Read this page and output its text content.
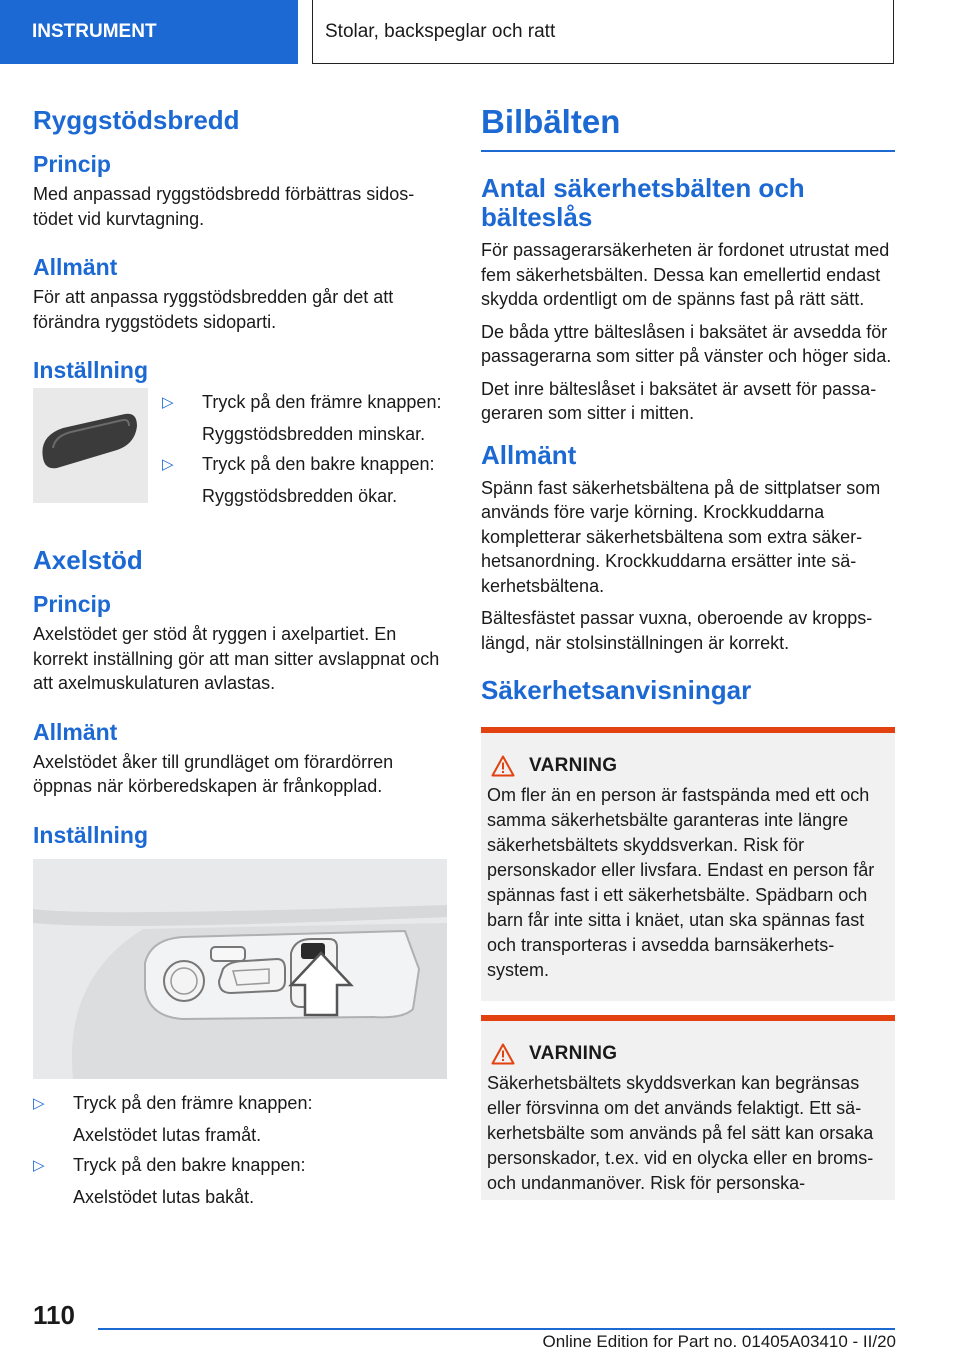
INSTRUMENT	Stolar, backspeglar och ratt
Ryggstödsbredd
Princip

Med anpassad ryggstödsbredd förbättras sidostödet vid kurvtagning.

Allmänt

För att anpassa ryggstödsbredden går det att förändra ryggstödets sidoparti.

Inställning
▷ Tryck på den främre knappen:
Ryggstödsbredden minskar.
▷ Tryck på den bakre knappen:
Ryggstödsbredden ökar.
Axelstöd
Princip

Axelstödet ger stöd åt ryggen i axelpartiet. En korrekt inställning gör att man sitter avslappnat och att axelmuskulaturen avlastas.

Allmänt

Axelstödet åker till grundläget om förardörren öppnas när körberedskapen är frånkopplad.

Inställning
▷ Tryck på den främre knappen:
Axelstödet lutas framåt.
▷ Tryck på den bakre knappen:
Axelstödet lutas bakåt.
Bilbälten
Antal säkerhetsbälten och bälteslås

För passagerarsäkerheten är fordonet utrustat med fem säkerhetsbälten. Dessa kan emellertid endast skydda ordentligt om de spänns fast på rätt sätt.

De båda yttre bälteslåsen i baksätet är avsedda för passagerarna som sitter på vänster och höger sida.

Det inre bälteslåset i baksätet är avsett för passageraren som sitter i mitten.

Allmänt

Spänn fast säkerhetsbältena på de sittplatser som används före varje körning. Krockkuddarna kompletterar säkerhetsbältena som extra säkerhetsanordning. Krockkuddarna ersätter inte säkerhetsbältena.

Bältesfästet passar vuxna, oberoende av kroppslängd, när stolsinställningen är korrekt.

Säkerhetsanvisningar
VARNING

Om fler än en person är fastspända med ett och samma säkerhetsbälte garanteras inte längre säkerhetsbältets skyddsverkan. Risk för personskador eller livsfara. Endast en person får spännas fast i ett säkerhetsbälte. Spädbarn och barn får inte sitta i knäet, utan ska spännas fast och transporteras i avsedda barnsäkerhetssystem.

VARNING

Säkerhetsbältets skyddsverkan kan begränsas eller försvinna om det används felaktigt. Ett säkerhetsbälte som används på fel sätt kan orsaka personskador, t.ex. vid en olycka eller en broms- och undanmanöver. Risk för personska-

110
Online Edition for Part no. 01405A03410 - II/20
